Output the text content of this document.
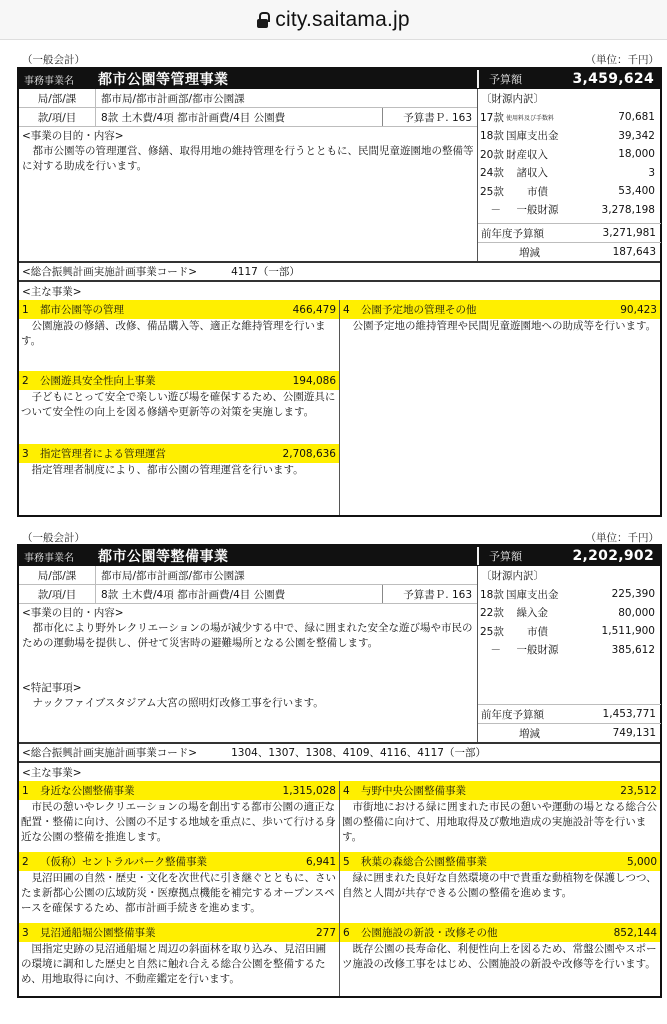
city.saitama.jp
（一般会計）	（単位：千円）
事務事業名	都市公園等管理事業	予算額	3,459,624
局/部/課	都市局/都市計画部/都市公園課
款/項/目	8款 土木費/4項 都市計画費/4目 公園費	予算書Ｐ. 163
<事業の目的・内容>
都市公園等の管理運営、修繕、取得用地の維持管理を行うとともに、民間児童遊園地の整備等に対する助成を行います。
〔財源内訳〕
17款 使用料及び手数料	70,681
18款 国庫支出金	39,342
20款 財産収入	18,000
24款 　諸収入	3
25款 　　市債	53,400
　－ 　一般財源	3,278,198
前年度予算額	3,271,981
増減	187,643
<総合振興計画実施計画事業コード>	4117（一部）
<主な事業>
1	都市公園等の管理	466,479
公園施設の修繕、改修、備品購入等、適正な維持管理を行います。
2	公園遊具安全性向上事業	194,086
子どもにとって安全で楽しい遊び場を確保するため、公園遊具について安全性の向上を図る修繕や更新等の対策を実施します。
3	指定管理者による管理運営	2,708,636
指定管理者制度により、都市公園の管理運営を行います。
4	公園予定地の管理その他	90,423
公園予定地の維持管理や民間児童遊園地への助成等を行います。
（一般会計）	（単位：千円）
事務事業名	都市公園等整備事業	予算額	2,202,902
局/部/課	都市局/都市計画部/都市公園課
款/項/目	8款 土木費/4項 都市計画費/4目 公園費	予算書Ｐ. 163
<事業の目的・内容>
都市化により野外レクリエーションの場が減少する中で、緑に囲まれた安全な遊び場や市民のための運動場を提供し、併せて災害時の避難場所となる公園を整備します。
<特記事項>
ナックファイブスタジアム大宮の照明灯改修工事を行います。
〔財源内訳〕
18款 国庫支出金	225,390
22款 　繰入金	80,000
25款 　　市債	1,511,900
　－ 　一般財源	385,612
前年度予算額	1,453,771
増減	749,131
<総合振興計画実施計画事業コード>	1304、1307、1308、4109、4116、4117（一部）
<主な事業>
1	身近な公園整備事業	1,315,028
市民の憩いやレクリエーションの場を創出する都市公園の適正な配置・整備に向け、公園の不足する地域を重点に、歩いて行ける身近な公園の整備を推進します。
2	（仮称）セントラルパーク整備事業	6,941
見沼田圃の自然・歴史・文化を次世代に引き継ぐとともに、さいたま新都心公園の広域防災・医療拠点機能を補完するオープンスペースを確保するため、都市計画手続きを進めます。
3	見沼通船堀公園整備事業	277
国指定史跡の見沼通船堀と周辺の斜面林を取り込み、見沼田圃の環境に調和した歴史と自然に触れ合える総合公園を整備するため、用地取得に向け、不動産鑑定を行います。
4	与野中央公園整備事業	23,512
市街地における緑に囲まれた市民の憩いや運動の場となる総合公園の整備に向けて、用地取得及び敷地造成の実施設計等を行います。
5	秋葉の森総合公園整備事業	5,000
緑に囲まれた良好な自然環境の中で貴重な動植物を保護しつつ、自然と人間が共存できる公園の整備を進めます。
6	公園施設の新設・改修その他	852,144
既存公園の長寿命化、利便性向上を図るため、常盤公園やスポーツ施設の改修工事をはじめ、公園施設の新設や改修等を行います。
